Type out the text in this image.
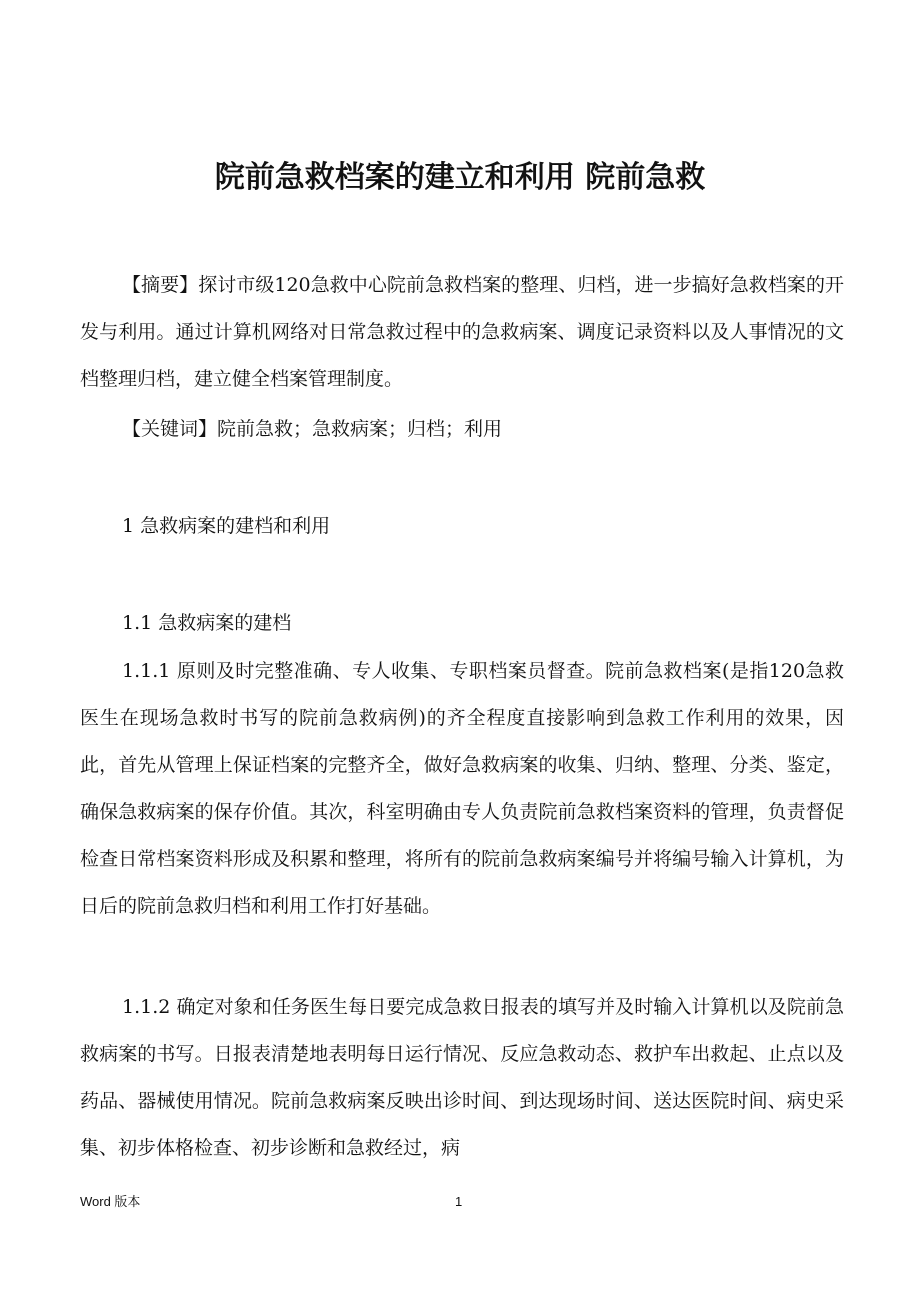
院前急救档案的建立和利用 院前急救

【摘要】探讨市级120急救中心院前急救档案的整理、归档，进一步搞好急救档案的开发与利用。通过计算机网络对日常急救过程中的急救病案、调度记录资料以及人事情况的文档整理归档，建立健全档案管理制度。

【关键词】院前急救；急救病案；归档；利用

1 急救病案的建档和利用

1.1 急救病案的建档

1.1.1 原则及时完整准确、专人收集、专职档案员督查。院前急救档案(是指120急救医生在现场急救时书写的院前急救病例)的齐全程度直接影响到急救工作利用的效果，因此，首先从管理上保证档案的完整齐全，做好急救病案的收集、归纳、整理、分类、鉴定，确保急救病案的保存价值。其次，科室明确由专人负责院前急救档案资料的管理，负责督促检查日常档案资料形成及积累和整理，将所有的院前急救病案编号并将编号输入计算机，为日后的院前急救归档和利用工作打好基础。

1.1.2 确定对象和任务医生每日要完成急救日报表的填写并及时输入计算机以及院前急救病案的书写。日报表清楚地表明每日运行情况、反应急救动态、救护车出救起、止点以及药品、器械使用情况。院前急救病案反映出诊时间、到达现场时间、送达医院时间、病史采集、初步体格检查、初步诊断和急救经过，病

Word 版本	1
